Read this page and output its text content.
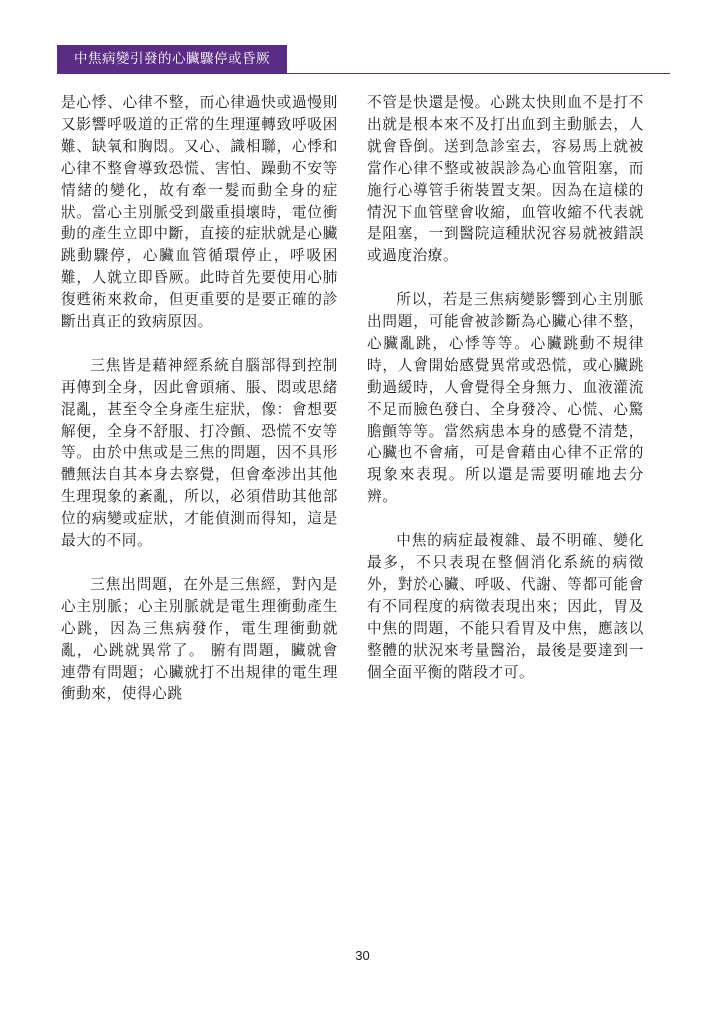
中焦病變引發的心臟驟停或昏厥

是心悸、心律不整，而心律過快或過慢則又影響呼吸道的正常的生理運轉致呼吸困難、缺氧和胸悶。又心、識相聯，心悸和心律不整會導致恐慌、害怕、躁動不安等情緒的變化，故有牽一髮而動全身的症狀。當心主別脈受到嚴重損壞時，電位衝動的產生立即中斷，直接的症狀就是心臟跳動驟停，心臟血管循環停止，呼吸困難，人就立即昏厥。此時首先要使用心肺復甦術來救命，但更重要的是要正確的診斷出真正的致病原因。

三焦皆是藉神經系統自腦部得到控制再傳到全身，因此會頭痛、脹、悶或思緒混亂，甚至令全身產生症狀，像：會想要解便，全身不舒服、打冷顫、恐慌不安等等。由於中焦或是三焦的問題，因不具形體無法自其本身去察覺，但會牽涉出其他生理現象的紊亂，所以，必須借助其他部位的病變或症狀，才能偵測而得知，這是最大的不同。

三焦出問題，在外是三焦經，對內是心主別脈；心主別脈就是電生理衝動產生心跳，因為三焦病發作，電生理衝動就亂，心跳就異常了。 腑有問題，臟就會連帶有問題；心臟就打不出規律的電生理衝動來，使得心跳

不管是快還是慢。心跳太快則血不是打不出就是根本來不及打出血到主動脈去，人就會昏倒。送到急診室去，容易馬上就被當作心律不整或被誤診為心血管阻塞，而施行心導管手術裝置支架。因為在這樣的情況下血管壁會收縮，血管收縮不代表就是阻塞，一到醫院這種狀況容易就被錯誤或過度治療。

所以，若是三焦病變影響到心主別脈出問題，可能會被診斷為心臟心律不整，心臟亂跳，心悸等等。心臟跳動不規律時，人會開始感覺異常或恐慌，或心臟跳動過緩時，人會覺得全身無力、血液灌流不足而臉色發白、全身發冷、心慌、心驚膽顫等等。當然病患本身的感覺不清楚，心臟也不會痛，可是會藉由心律不正常的現象來表現。所以還是需要明確地去分辨。

中焦的病症最複雜、最不明確、變化最多，不只表現在整個消化系統的病徵外，對於心臟、呼吸、代謝、等都可能會有不同程度的病徵表現出來；因此，胃及中焦的問題，不能只看胃及中焦，應該以整體的狀況來考量醫治，最後是要達到一個全面平衡的階段才可。

30
